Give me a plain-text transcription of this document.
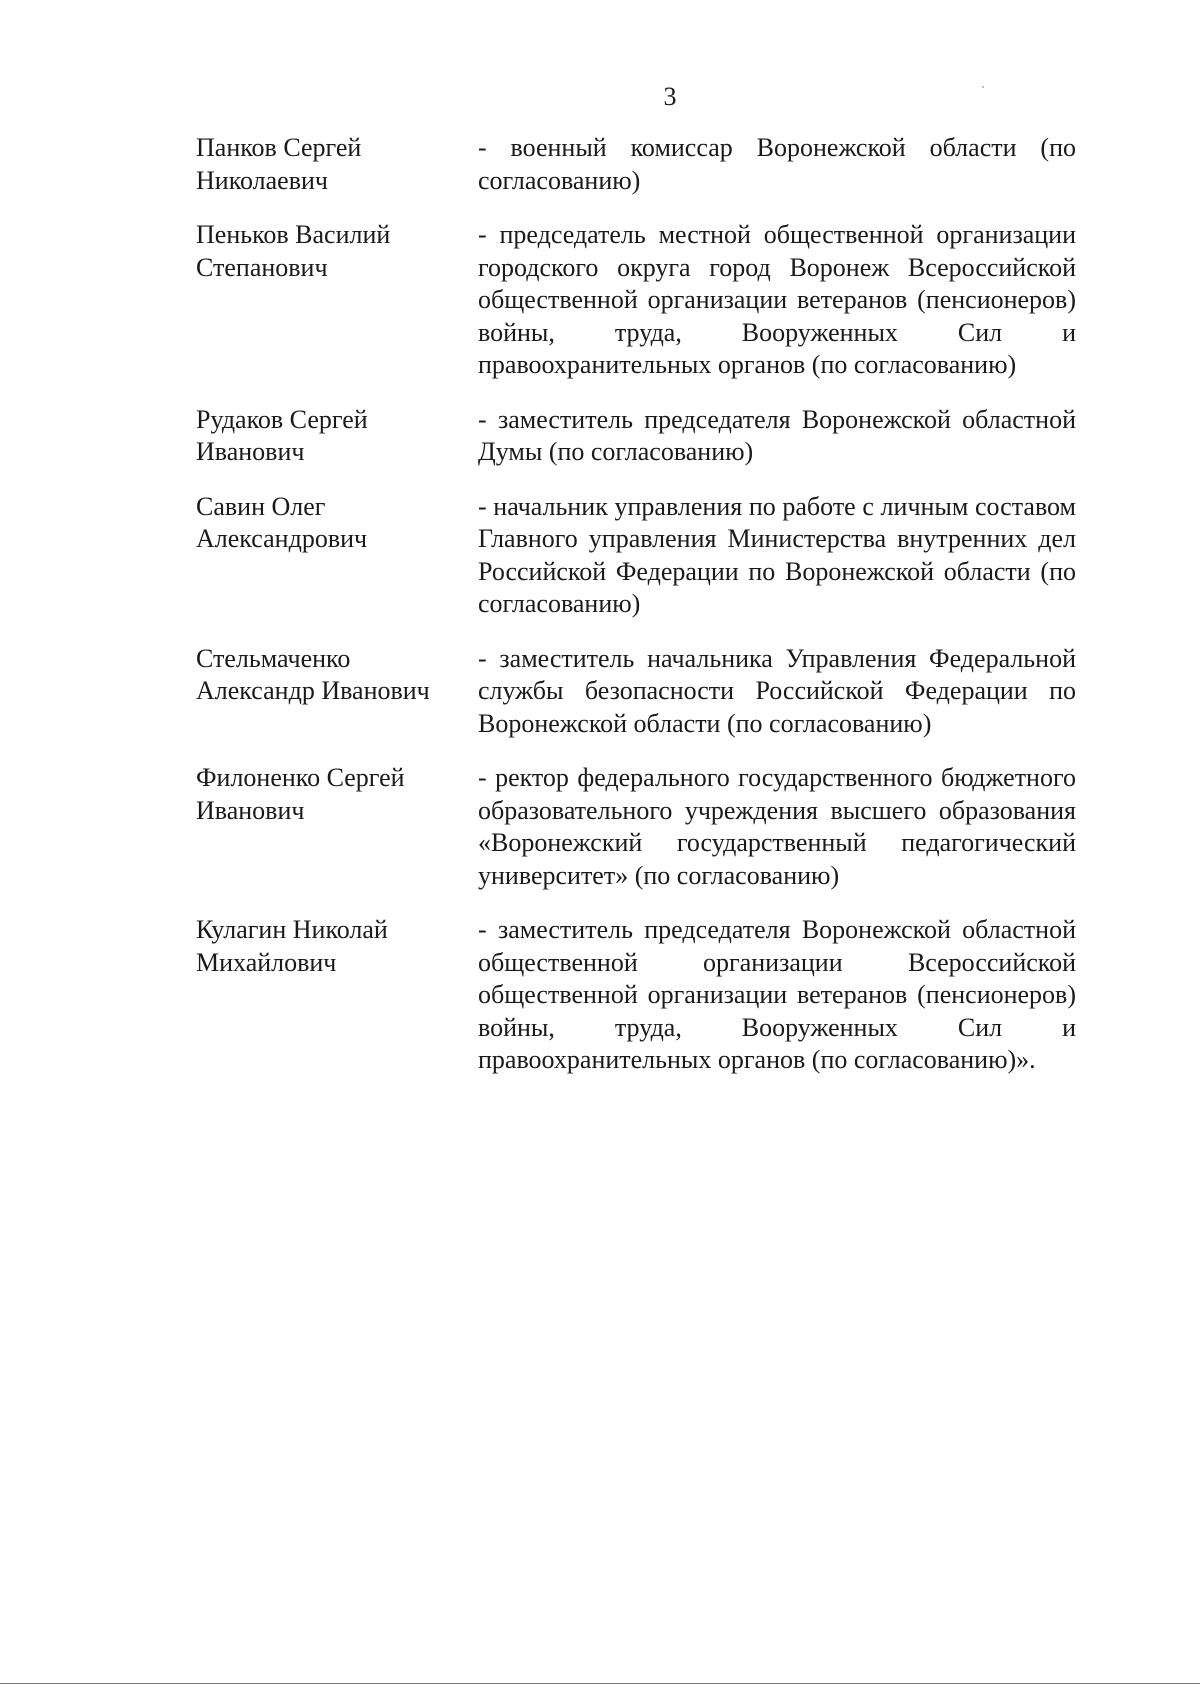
3
Панков Сергей
Николаевич
- военный комиссар Воронежской области (по согласованию)
Пеньков Василий
Степанович
- председатель местной общественной организации городского округа город Воронеж Всероссийской общественной организации ветеранов (пенсионеров) войны, труда, Вооруженных Сил и правоохранительных органов (по согласованию)
Рудаков Сергей
Иванович
- заместитель председателя Воронежской областной Думы (по согласованию)
Савин Олег
Александрович
- начальник управления по работе с личным составом Главного управления Министерства внутренних дел Российской Федерации по Воронежской области (по согласованию)
Стельмаченко
Александр Иванович
- заместитель начальника Управления Федеральной службы безопасности Российской Федерации по Воронежской области (по согласованию)
Филоненко Сергей
Иванович
- ректор федерального государственного бюджетного образовательного учреждения высшего образования «Воронежский государственный педагогический университет» (по согласованию)
Кулагин Николай
Михайлович
- заместитель председателя Воронежской областной общественной организации Всероссийской общественной организации ветеранов (пенсионеров) войны, труда, Вооруженных Сил и правоохранительных органов (по согласованию)».
